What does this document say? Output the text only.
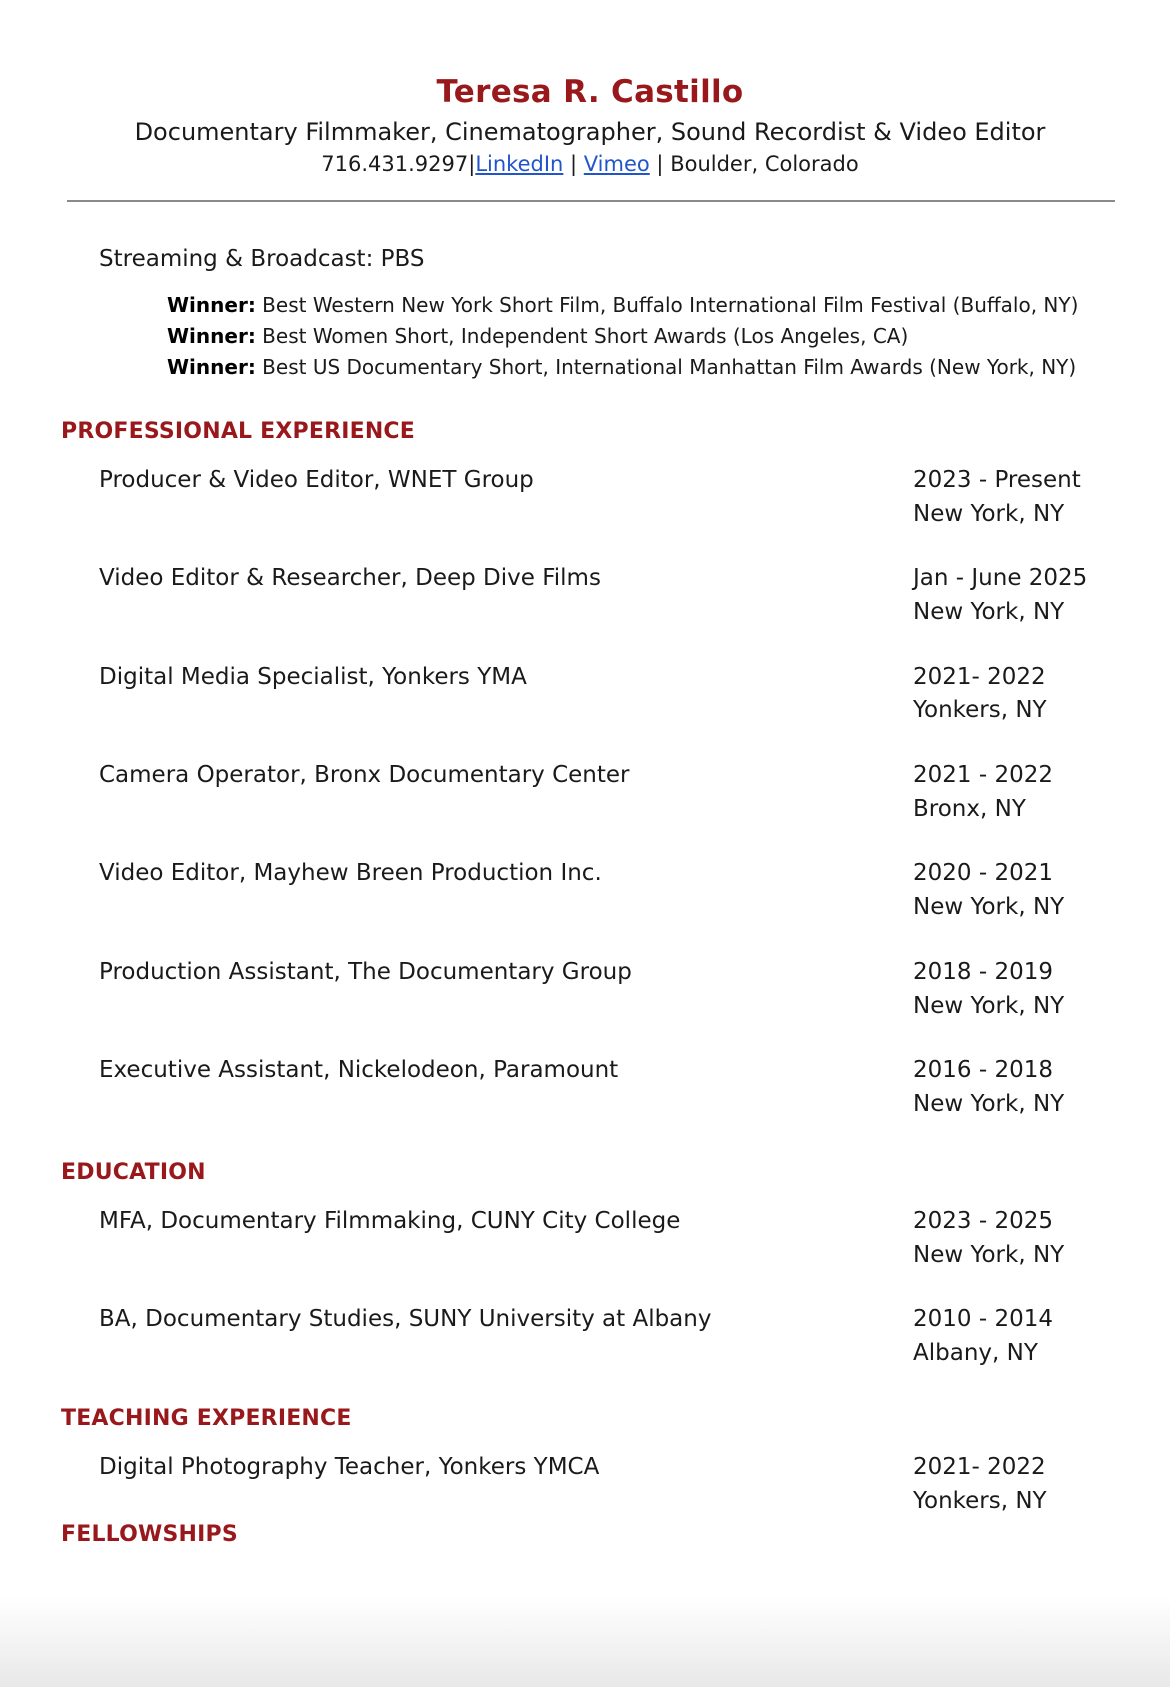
Teresa R. Castillo
Documentary Filmmaker, Cinematographer, Sound Recordist & Video Editor
716.431.9297|LinkedIn | Vimeo | Boulder, Colorado
Streaming & Broadcast: PBS
Winner: Best Western New York Short Film, Buffalo International Film Festival (Buffalo, NY)
Winner: Best Women Short, Independent Short Awards (Los Angeles, CA)
Winner: Best US Documentary Short, International Manhattan Film Awards (New York, NY)
PROFESSIONAL EXPERIENCE
Producer & Video Editor, WNET Group	2023 - Present
New York, NY
Video Editor & Researcher, Deep Dive Films	Jan - June 2025
New York, NY
Digital Media Specialist, Yonkers YMA	2021- 2022
Yonkers, NY
Camera Operator, Bronx Documentary Center	2021 - 2022
Bronx, NY
Video Editor, Mayhew Breen Production Inc.	2020 - 2021
New York, NY
Production Assistant, The Documentary Group	2018 - 2019
New York, NY
Executive Assistant, Nickelodeon, Paramount	2016 - 2018
New York, NY
EDUCATION
MFA, Documentary Filmmaking, CUNY City College	2023 - 2025
New York, NY
BA, Documentary Studies, SUNY University at Albany	2010 - 2014
Albany, NY
TEACHING EXPERIENCE
Digital Photography Teacher, Yonkers YMCA	2021- 2022
Yonkers, NY
FELLOWSHIPS
